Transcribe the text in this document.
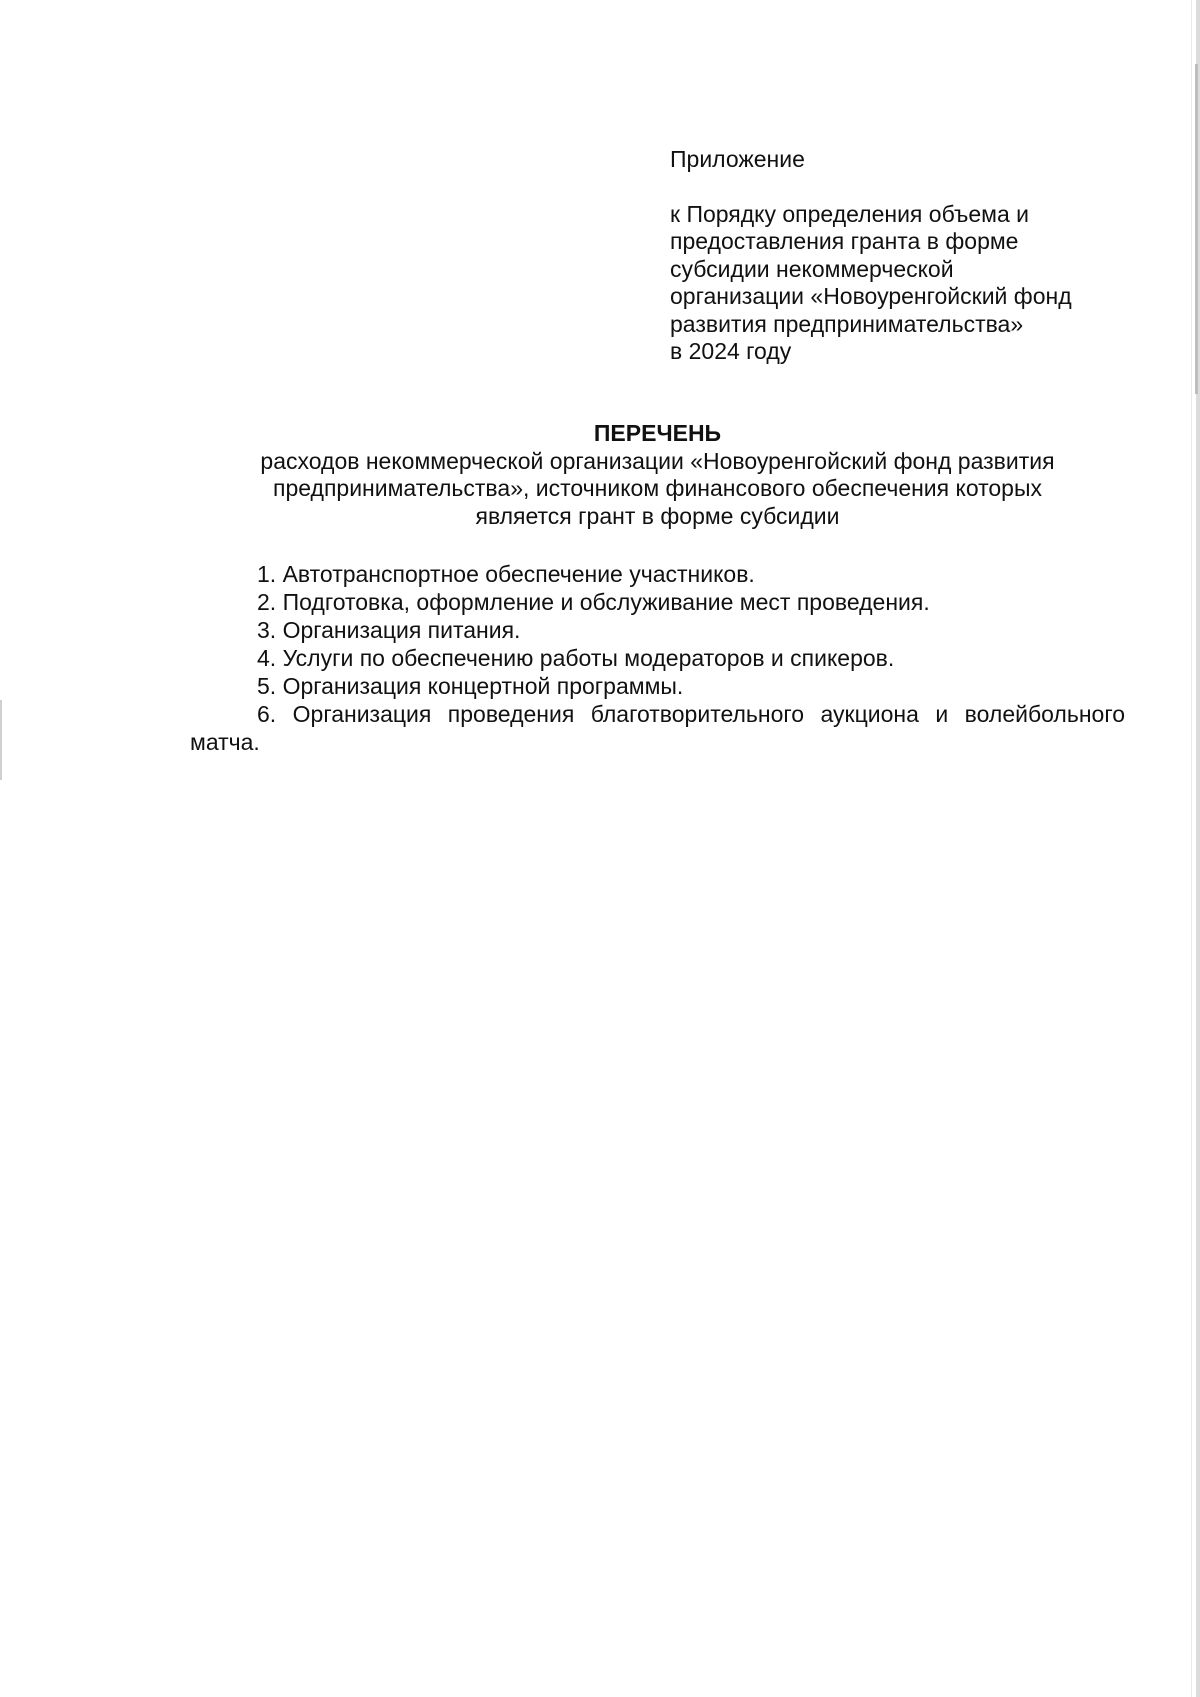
Приложение

к Порядку определения объема и
предоставления гранта в форме
субсидии некоммерческой
организации «Новоуренгойский фонд
развития предпринимательства»
в 2024 году

ПЕРЕЧЕНЬ

расходов некоммерческой организации «Новоуренгойский фонд развития
предпринимательства», источником финансового обеспечения которых
является грант в форме субсидии

1. Автотранспортное обеспечение участников.
2. Подготовка, оформление и обслуживание мест проведения.
3. Организация питания.
4. Услуги по обеспечению работы модераторов и спикеров.
5. Организация концертной программы.
6. Организация проведения благотворительного аукциона и волейбольного матча.
